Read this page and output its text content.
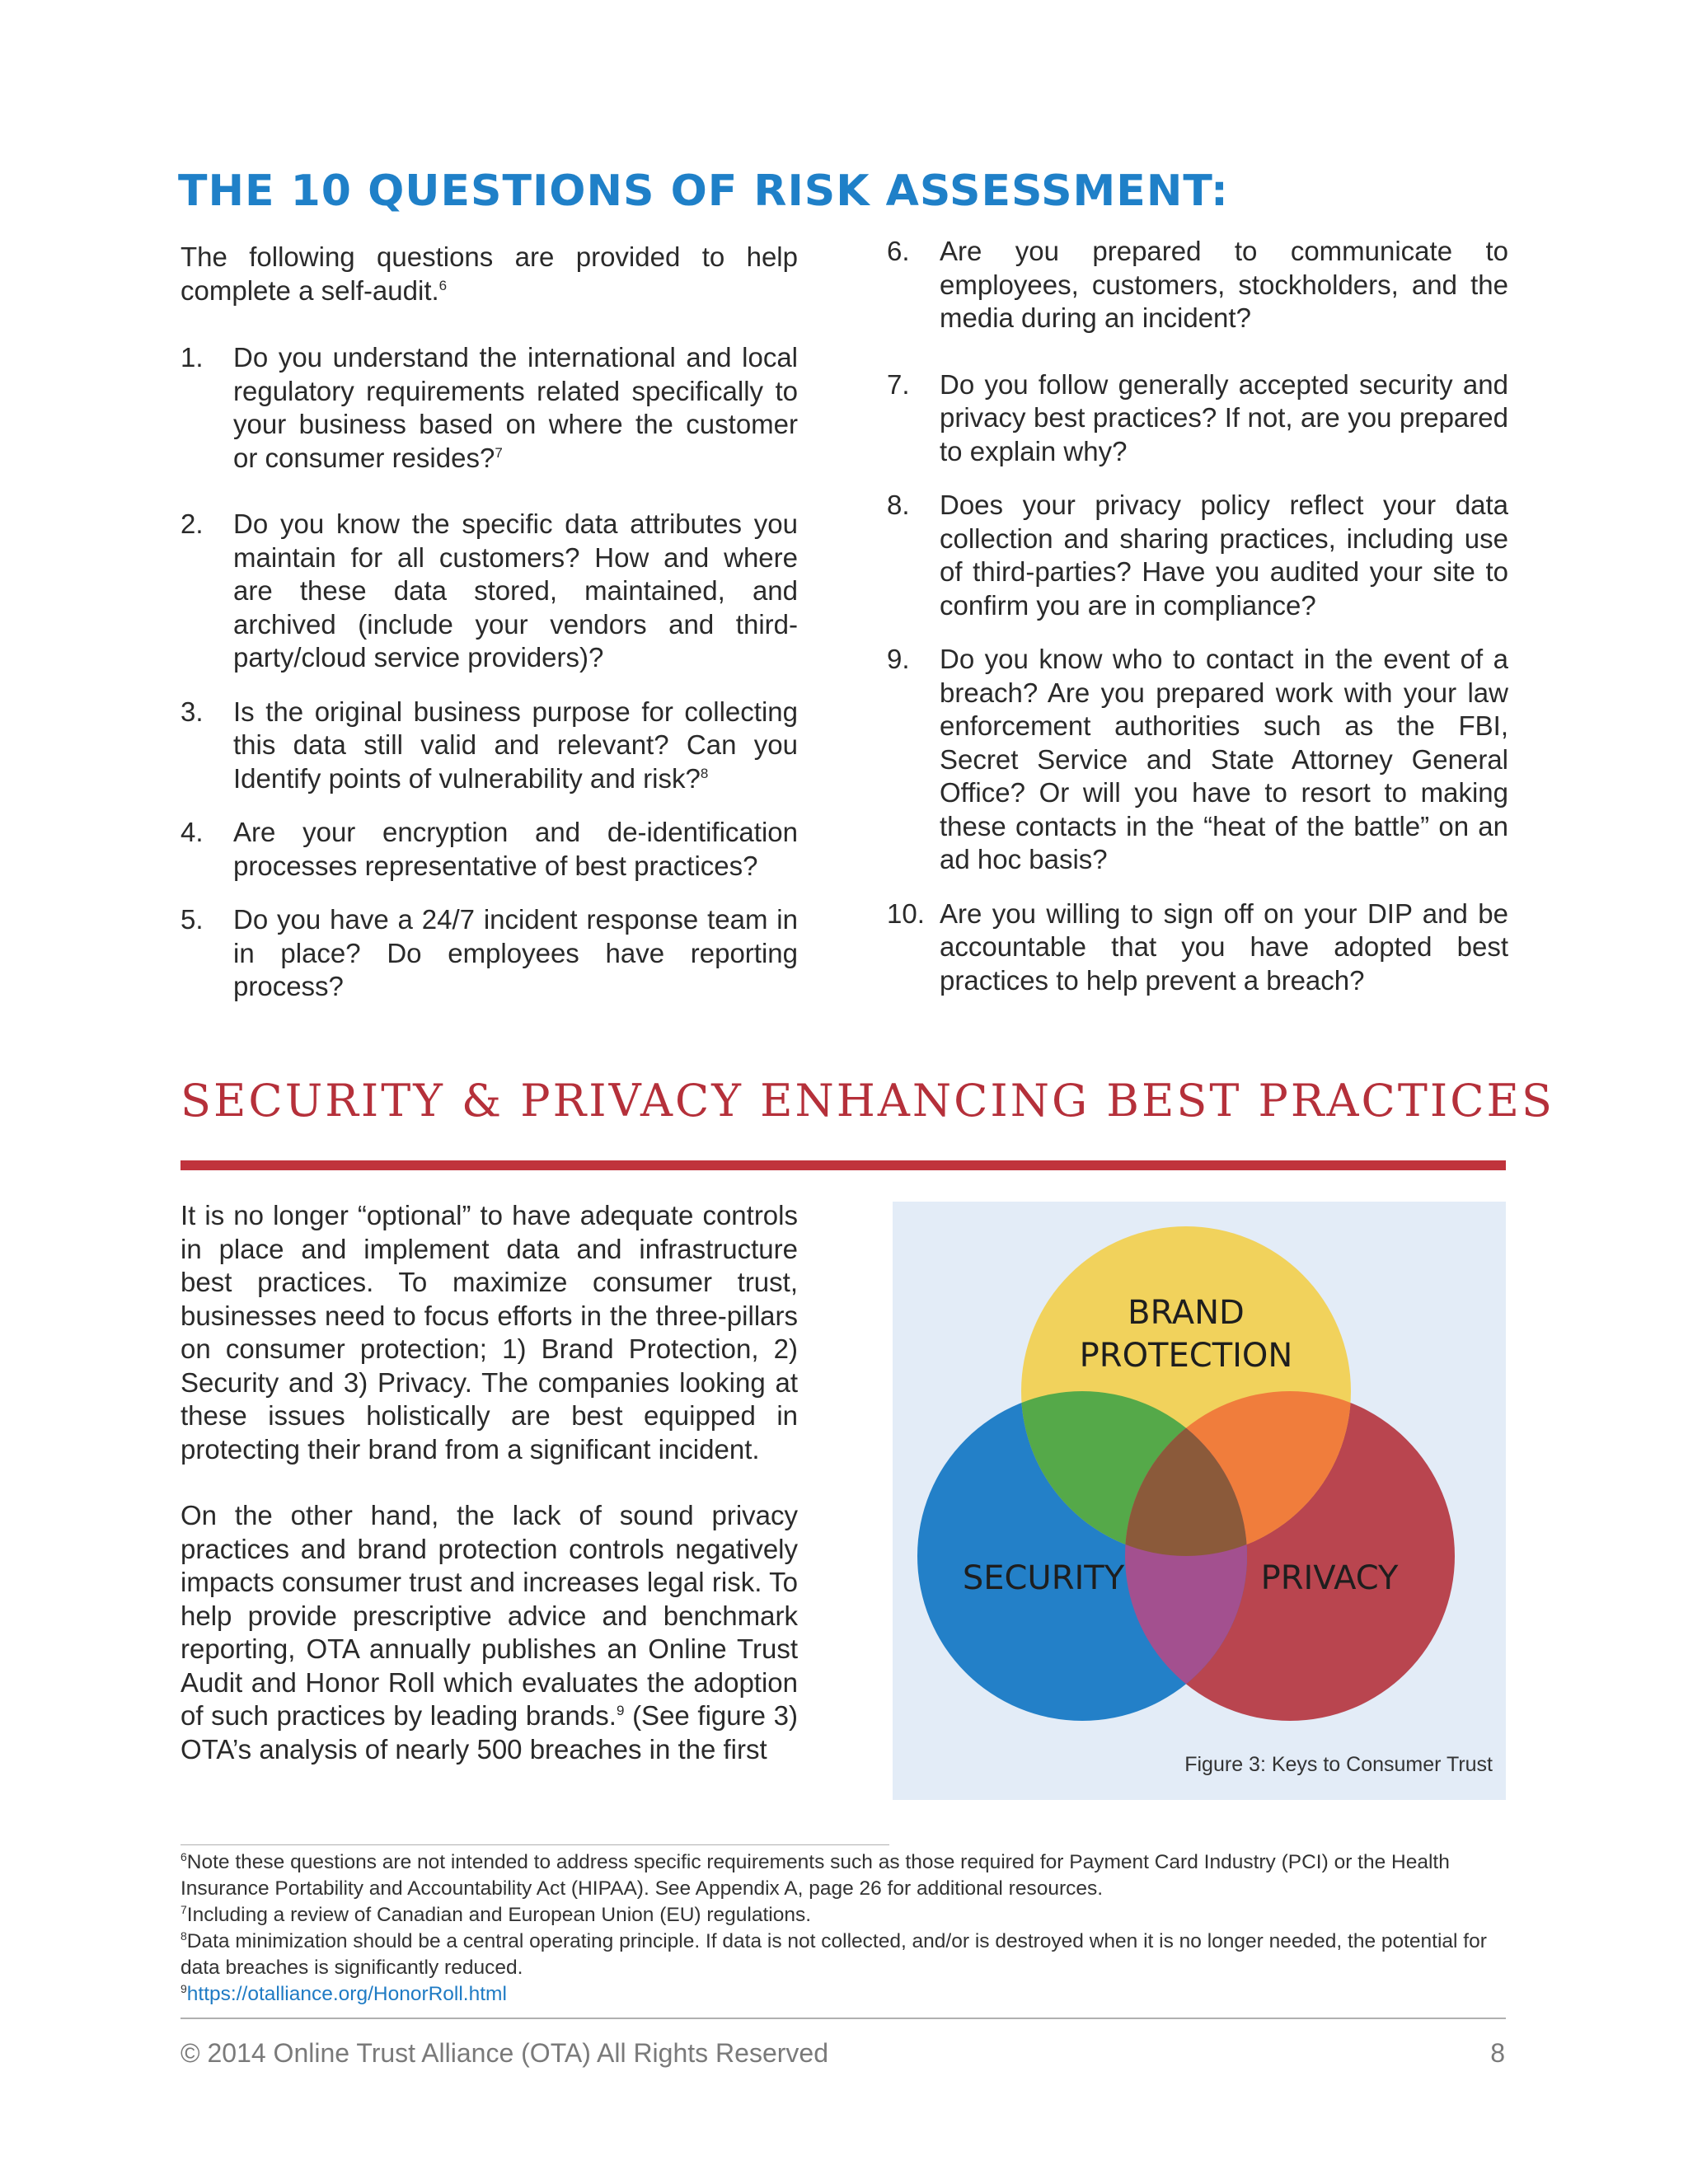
THE 10 QUESTIONS OF RISK ASSESSMENT:

The following questions are provided to help complete a self-audit.$^6$

1. Do you understand the international and local regulatory requirements related specifically to your business based on where the customer or consumer resides?$^7$
2. Do you know the specific data attributes you maintain for all customers? How and where are these data stored, maintained, and archived (include your vendors and third-party/cloud service providers)?
3. Is the original business purpose for collecting this data still valid and relevant? Can you Identify points of vulnerability and risk?$^8$
4. Are your encryption and de-identification processes representative of best practices?
5. Do you have a 24/7 incident response team in in place? Do employees have reporting process?
6. Are you prepared to communicate to employees, customers, stockholders, and the media during an incident?
7. Do you follow generally accepted security and privacy best practices? If not, are you prepared to explain why?
8. Does your privacy policy reflect your data collection and sharing practices, including use of third-parties? Have you audited your site to confirm you are in compliance?
9. Do you know who to contact in the event of a breach? Are you prepared work with your law enforcement authorities such as the FBI, Secret Service and State Attorney General Office? Or will you have to resort to making these contacts in the “heat of the battle” on an ad hoc basis?
10. Are you willing to sign off on your DIP and be accountable that you have adopted best practices to help prevent a breach?
SECURITY & PRIVACY ENHANCING BEST PRACTICES

It is no longer “optional” to have adequate controls in place and implement data and infrastructure best practices. To maximize consumer trust, businesses need to focus efforts in the three-pillars on consumer protection; 1) Brand Protection, 2) Security and 3) Privacy. The companies looking at these issues holistically are best equipped in protecting their brand from a significant incident.

On the other hand, the lack of sound privacy practices and brand protection controls negatively impacts consumer trust and increases legal risk. To help provide prescriptive advice and benchmark reporting, OTA annually publishes an Online Trust Audit and Honor Roll which evaluates the adoption of such practices by leading brands.$^9$ (See figure 3) OTA’s analysis of nearly 500 breaches in the first

BRAND
PROTECTION
SECURITY	PRIVACY
Figure 3: Keys to Consumer Trust

$^6$Note these questions are not intended to address specific requirements such as those required for Payment Card Industry (PCI) or the Health Insurance Portability and Accountability Act (HIPAA). See Appendix A, page 26 for additional resources.

$^7$Including a review of Canadian and European Union (EU) regulations.

$^8$Data minimization should be a central operating principle. If data is not collected, and/or is destroyed when it is no longer needed, the potential for data breaches is significantly reduced.

$^9$https://otalliance.org/HonorRoll.html

© 2014 Online Trust Alliance (OTA) All Rights Reserved	8
